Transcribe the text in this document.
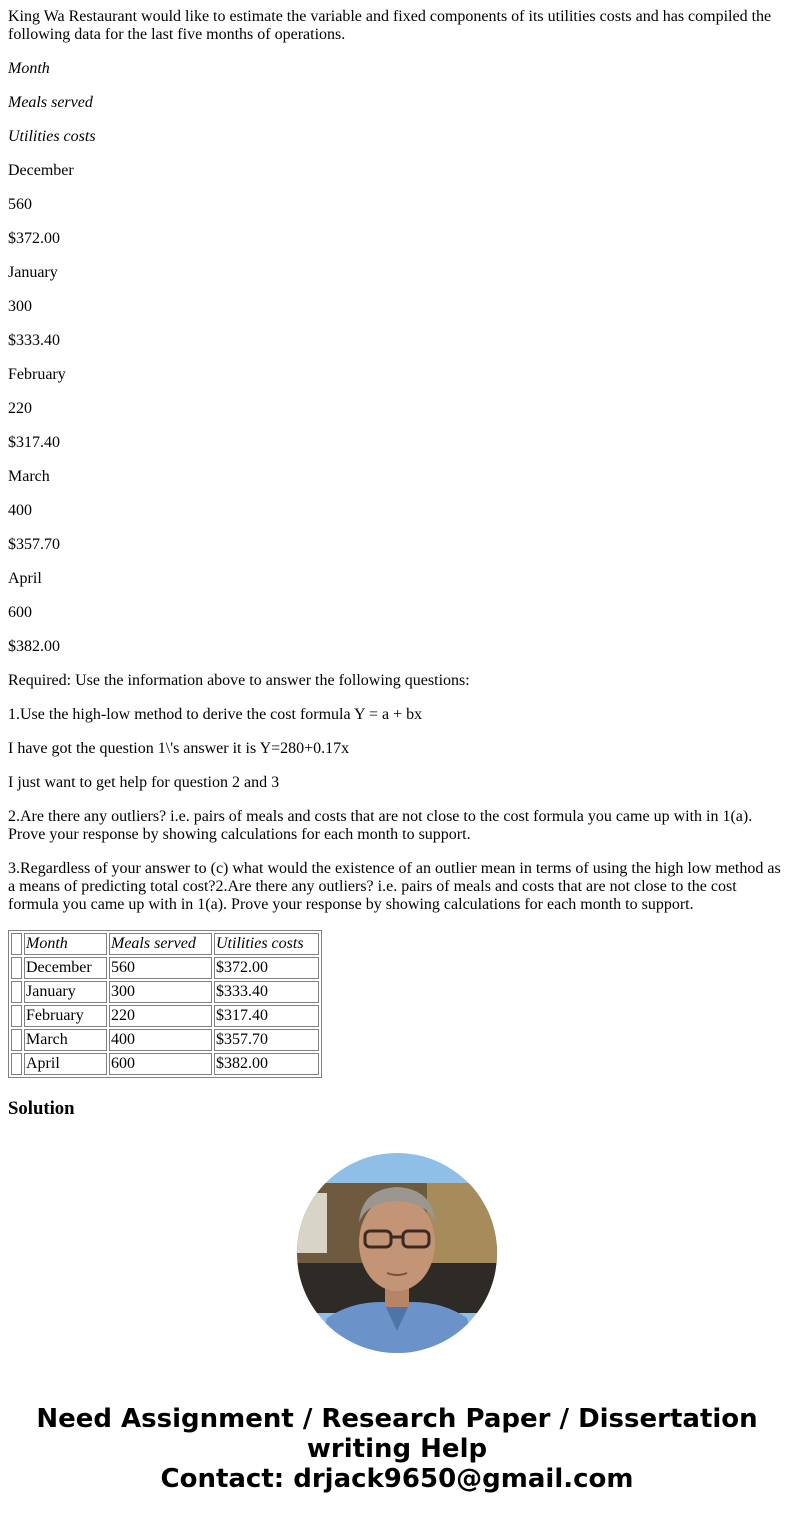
King Wa Restaurant would like to estimate the variable and fixed components of its utilities costs and has compiled the following data for the last five months of operations.

Month

Meals served

Utilities costs

December

560

$372.00

January

300

$333.40

February

220

$317.40

March

400

$357.70

April

600

$382.00

Required: Use the information above to answer the following questions:

1.Use the high-low method to derive the cost formula Y = a + bx

I have got the question 1\'s answer it is Y=280+0.17x

I just want to get help for question 2 and 3

2.Are there any outliers? i.e. pairs of meals and costs that are not close to the cost formula you came up with in 1(a). Prove your response by showing calculations for each month to support.

3.Regardless of your answer to (c) what would the existence of an outlier mean in terms of using the high low method as a means of predicting total cost?2.Are there any outliers? i.e. pairs of meals and costs that are not close to the cost formula you came up with in 1(a). Prove your response by showing calculations for each month to support.

	Month	Meals served	Utilities costs
	December	560	$372.00
	January	300	$333.40
	February	220	$317.40
	March	400	$357.70
	April	600	$382.00
Solution
Need Assignment / Research Paper / Dissertation
writing Help
Contact: drjack9650@gmail.com
